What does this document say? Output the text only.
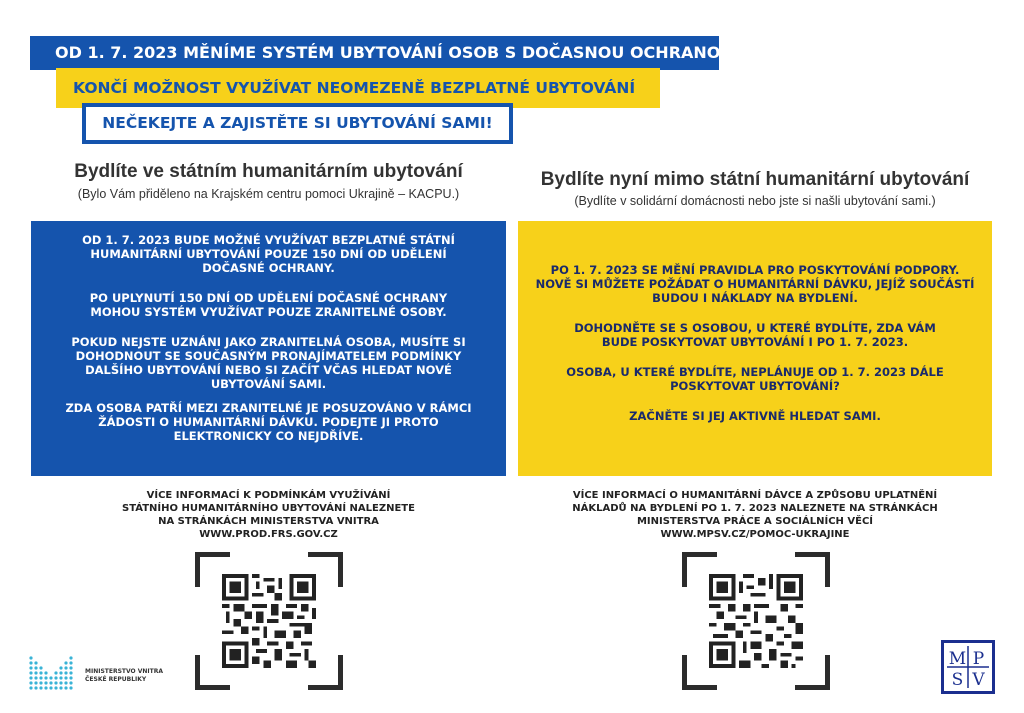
OD 1. 7. 2023 MĚNÍME SYSTÉM UBYTOVÁNÍ OSOB S DOČASNOU OCHRANOU
KONČÍ MOŽNOST VYUŽÍVAT NEOMEZENĚ BEZPLATNÉ UBYTOVÁNÍ
NEČEKEJTE A ZAJISTĚTE SI UBYTOVÁNÍ SAMI!
Bydlíte ve státním humanitárním ubytování
(Bylo Vám přiděleno na Krajském centru pomoci Ukrajině – KACPU.)

OD 1. 7. 2023 BUDE MOŽNÉ VYUŽÍVAT BEZPLATNÉ STÁTNÍ HUMANITÁRNÍ UBYTOVÁNÍ POUZE 150 DNÍ OD UDĚLENÍ DOČASNÉ OCHRANY.

PO UPLYNUTÍ 150 DNÍ OD UDĚLENÍ DOČASNÉ OCHRANY MOHOU SYSTÉM VYUŽÍVAT POUZE ZRANITELNÉ OSOBY.

POKUD NEJSTE UZNÁNI JAKO ZRANITELNÁ OSOBA, MUSÍTE SI DOHODNOUT SE SOUČASNÝM PRONAJÍMATELEM PODMÍNKY DALŠÍHO UBYTOVÁNÍ NEBO SI ZAČÍT VČAS HLEDAT NOVÉ UBYTOVÁNÍ SAMI.

ZDA OSOBA PATŘÍ MEZI ZRANITELNÉ JE POSUZOVÁNO V RÁMCI ŽÁDOSTI O HUMANITÁRNÍ DÁVKU. PODEJTE JI PROTO ELEKTRONICKY CO NEJDŘÍVE.

VÍCE INFORMACÍ K PODMÍNKÁM VYUŽÍVÁNÍ
STÁTNÍHO HUMANITÁRNÍHO UBYTOVÁNÍ NALEZNETE
NA STRÁNKÁCH MINISTERSTVA VNITRA
WWW.PROD.FRS.GOV.CZ
Bydlíte nyní mimo státní humanitární ubytování
(Bydlíte v solidární domácnosti nebo jste si našli ubytování sami.)

PO 1. 7. 2023 SE MĚNÍ PRAVIDLA PRO POSKYTOVÁNÍ PODPORY. NOVĚ SI MŮŽETE POŽÁDAT O HUMANITÁRNÍ DÁVKU, JEJÍŽ SOUČÁSTÍ BUDOU I NÁKLADY NA BYDLENÍ.

DOHODNĚTE SE S OSOBOU, U KTERÉ BYDLÍTE, ZDA VÁM BUDE POSKYTOVAT UBYTOVÁNÍ I PO 1. 7. 2023.

OSOBA, U KTERÉ BYDLÍTE, NEPLÁNUJE OD 1. 7. 2023 DÁLE POSKYTOVAT UBYTOVÁNÍ?

ZAČNĚTE SI JEJ AKTIVNĚ HLEDAT SAMI.

VÍCE INFORMACÍ O HUMANITÁRNÍ DÁVCE A ZPŮSOBU UPLATNĚNÍ
NÁKLADŮ NA BYDLENÍ PO 1. 7. 2023 NALEZNETE NA STRÁNKÁCH
MINISTERSTVA PRÁCE A SOCIÁLNÍCH VĚCÍ
WWW.MPSV.CZ/POMOC-UKRAJINE
MINISTERSTVO VNITRA
ČESKÉ REPUBLIKY
M P
S V
